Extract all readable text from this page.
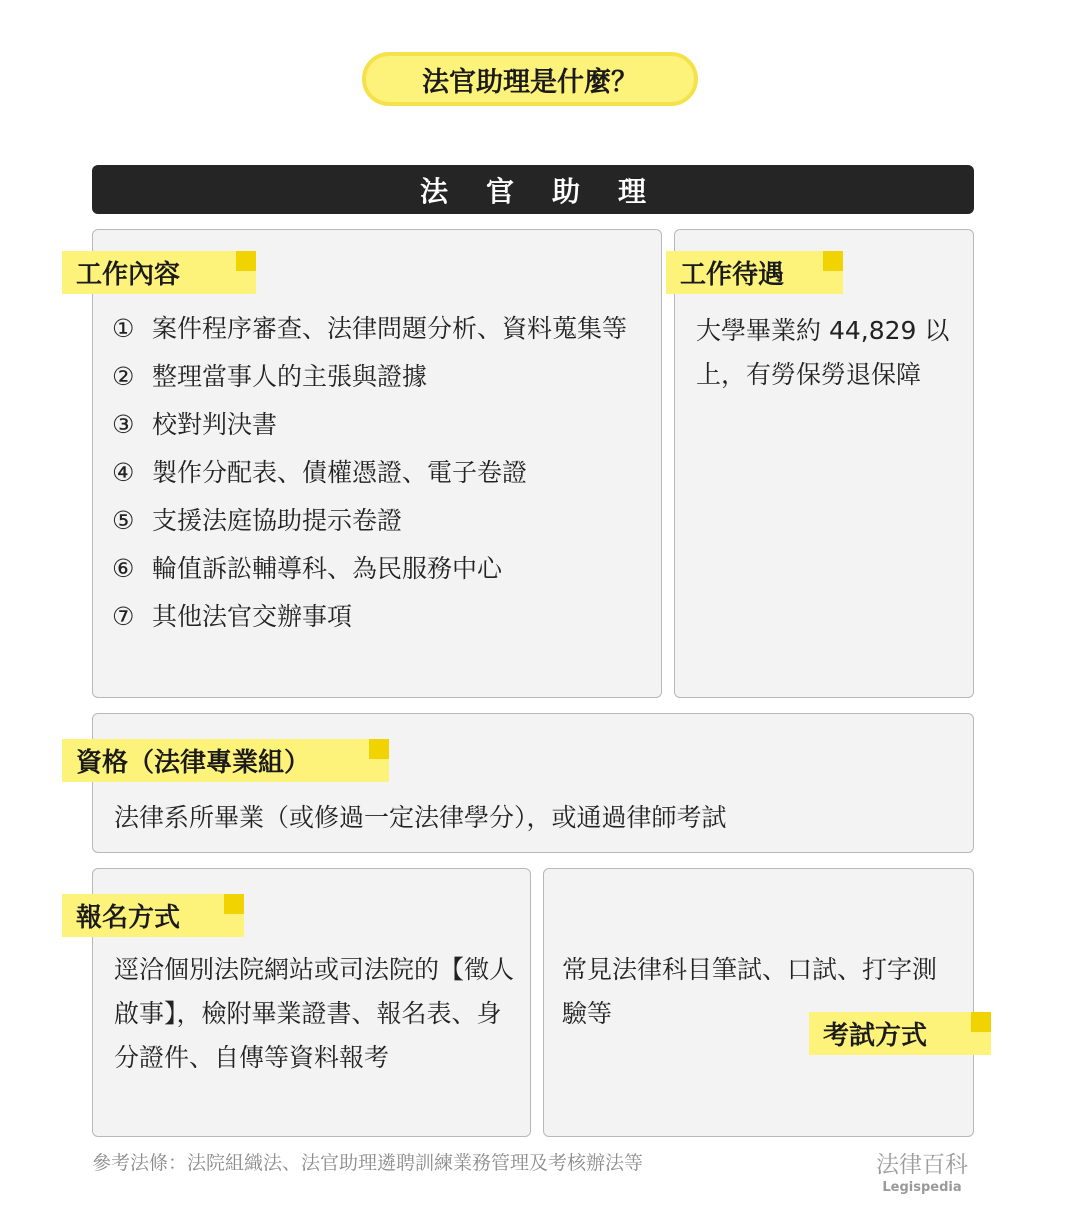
法官助理是什麼？
法官助理
工作內容
① 案件程序審查、法律問題分析、資料蒐集等
② 整理當事人的主張與證據
③ 校對判決書
④ 製作分配表、債權憑證、電子卷證
⑤ 支援法庭協助提示卷證
⑥ 輪值訴訟輔導科、為民服務中心
⑦ 其他法官交辦事項
工作待遇
大學畢業約 44,829 以上，有勞保勞退保障
資格（法律專業組）
法律系所畢業（或修過一定法律學分），或通過律師考試
報名方式
逕洽個別法院網站或司法院的【徵人啟事】，檢附畢業證書、報名表、身分證件、自傳等資料報考
常見法律科目筆試、口試、打字測驗等
考試方式
參考法條：法院組織法、法官助理遴聘訓練業務管理及考核辦法等	法律百科
Legispedia
